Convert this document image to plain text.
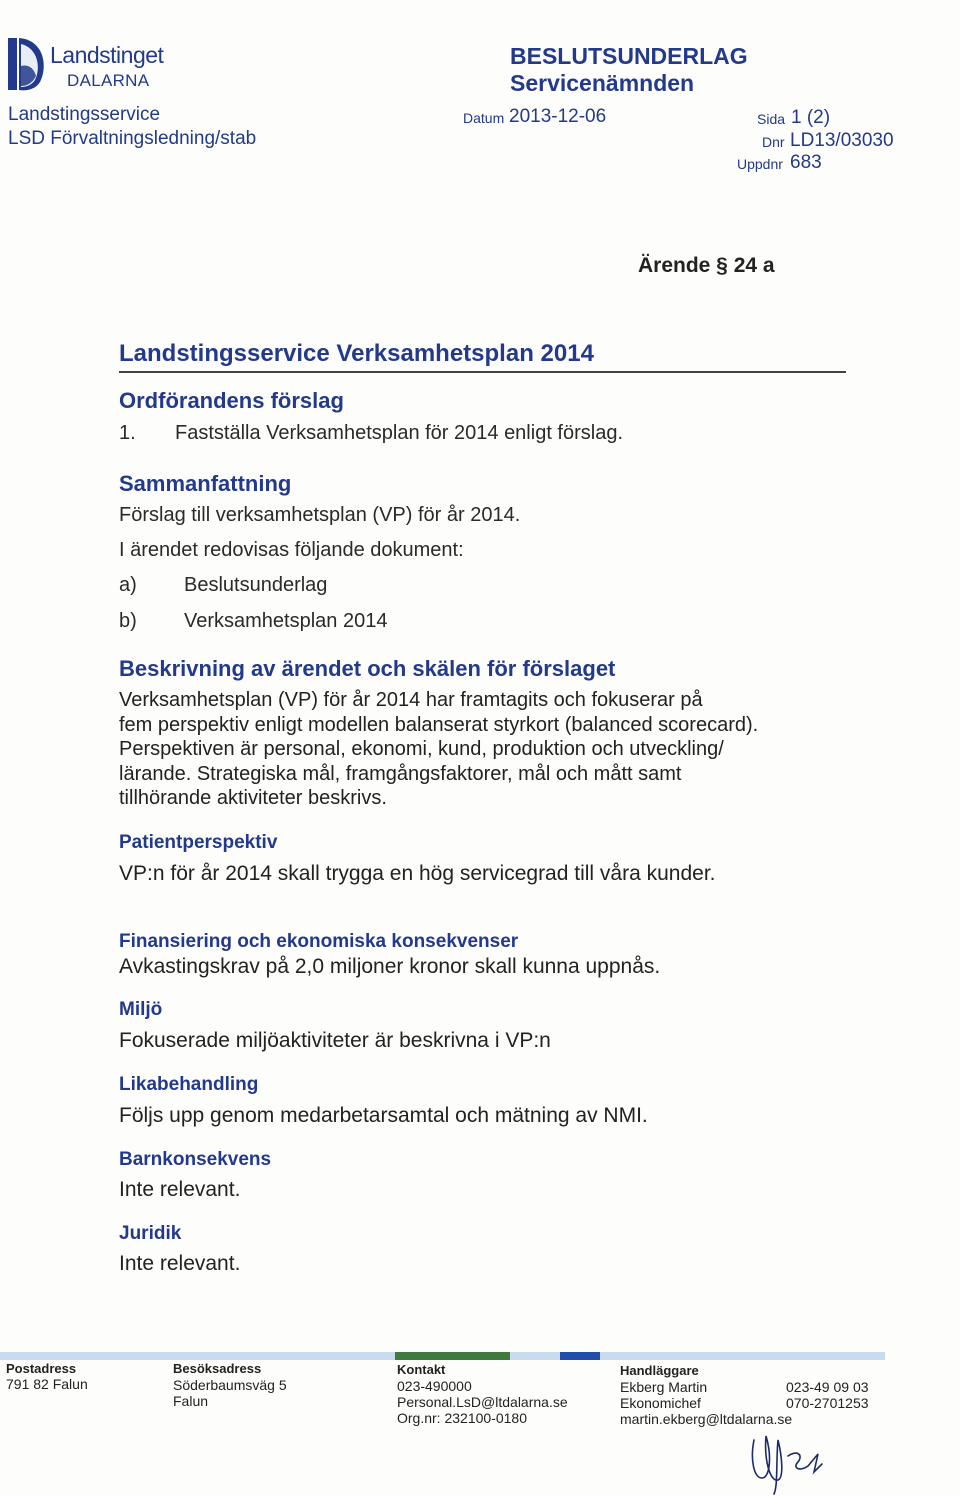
Landstinget
DALARNA
Landstingsservice
LSD Förvaltningsledning/stab
BESLUTSUNDERLAG
Servicenämnden
Datum 2013-12-06	Sida 1 (2)
Dnr LD13/03030
Uppdnr 683
Ärende § 24 a
Landstingsservice Verksamhetsplan 2014
Ordförandens förslag
1. Fastställa Verksamhetsplan för 2014 enligt förslag.
Sammanfattning
Förslag till verksamhetsplan (VP) för år 2014.
I ärendet redovisas följande dokument:
a) Beslutsunderlag
b) Verksamhetsplan 2014
Beskrivning av ärendet och skälen för förslaget
Verksamhetsplan (VP) för år 2014 har framtagits och fokuserar på
fem perspektiv enligt modellen balanserat styrkort (balanced scorecard).
Perspektiven är personal, ekonomi, kund, produktion och utveckling/
lärande. Strategiska mål, framgångsfaktorer, mål och mått samt
tillhörande aktiviteter beskrivs.
Patientperspektiv
VP:n för år 2014 skall trygga en hög servicegrad till våra kunder.
Finansiering och ekonomiska konsekvenser
Avkastingskrav på 2,0 miljoner kronor skall kunna uppnås.
Miljö
Fokuserade miljöaktiviteter är beskrivna i VP:n
Likabehandling
Följs upp genom medarbetarsamtal och mätning av NMI.
Barnkonsekvens
Inte relevant.
Juridik
Inte relevant.
Postadress
791 82 Falun
Besöksadress
Söderbaumsväg 5
Falun
Kontakt
023-490000
Personal.LsD@ltdalarna.se
Org.nr: 232100-0180
Handläggare
Ekberg Martin
Ekonomichef
martin.ekberg@ltdalarna.se
023-49 09 03
070-2701253
